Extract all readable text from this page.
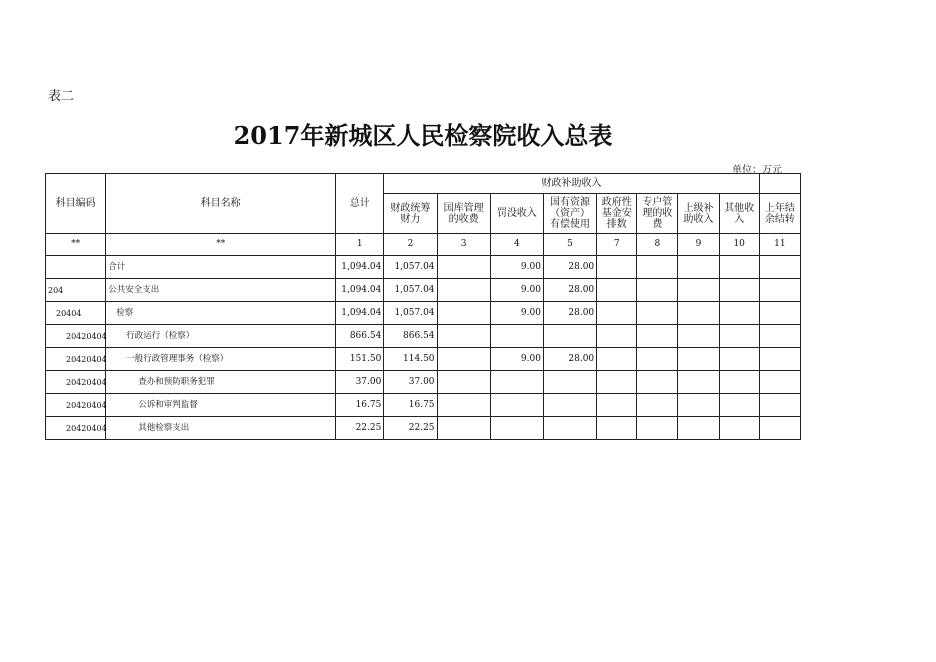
表二
2017年新城区人民检察院收入总表
单位：万元
科目编码	科目名称	总计	财政补助收入								
			财政统筹财力	国库管理的收费	罚没收入	国有资源（资产）有偿使用	政府性基金安排数	专户管理的收费	上级补助收入	其他收入	上年结余结转
**	**	1	2	3	4	5	7	8	9	10	11
	合计	1,094.04	1,057.04		9.00	28.00					
204	公共安全支出	1,094.04	1,057.04		9.00	28.00					
20404	检察	1,094.04	1,057.04		9.00	28.00					
20420404	行政运行（检察）	866.54	866.54								
20420404	一般行政管理事务（检察）	151.50	114.50		9.00	28.00					
20420404	查办和预防职务犯罪	37.00	37.00								
20420404	公诉和审判监督	16.75	16.75								
20420404	其他检察支出	22.25	22.25								
